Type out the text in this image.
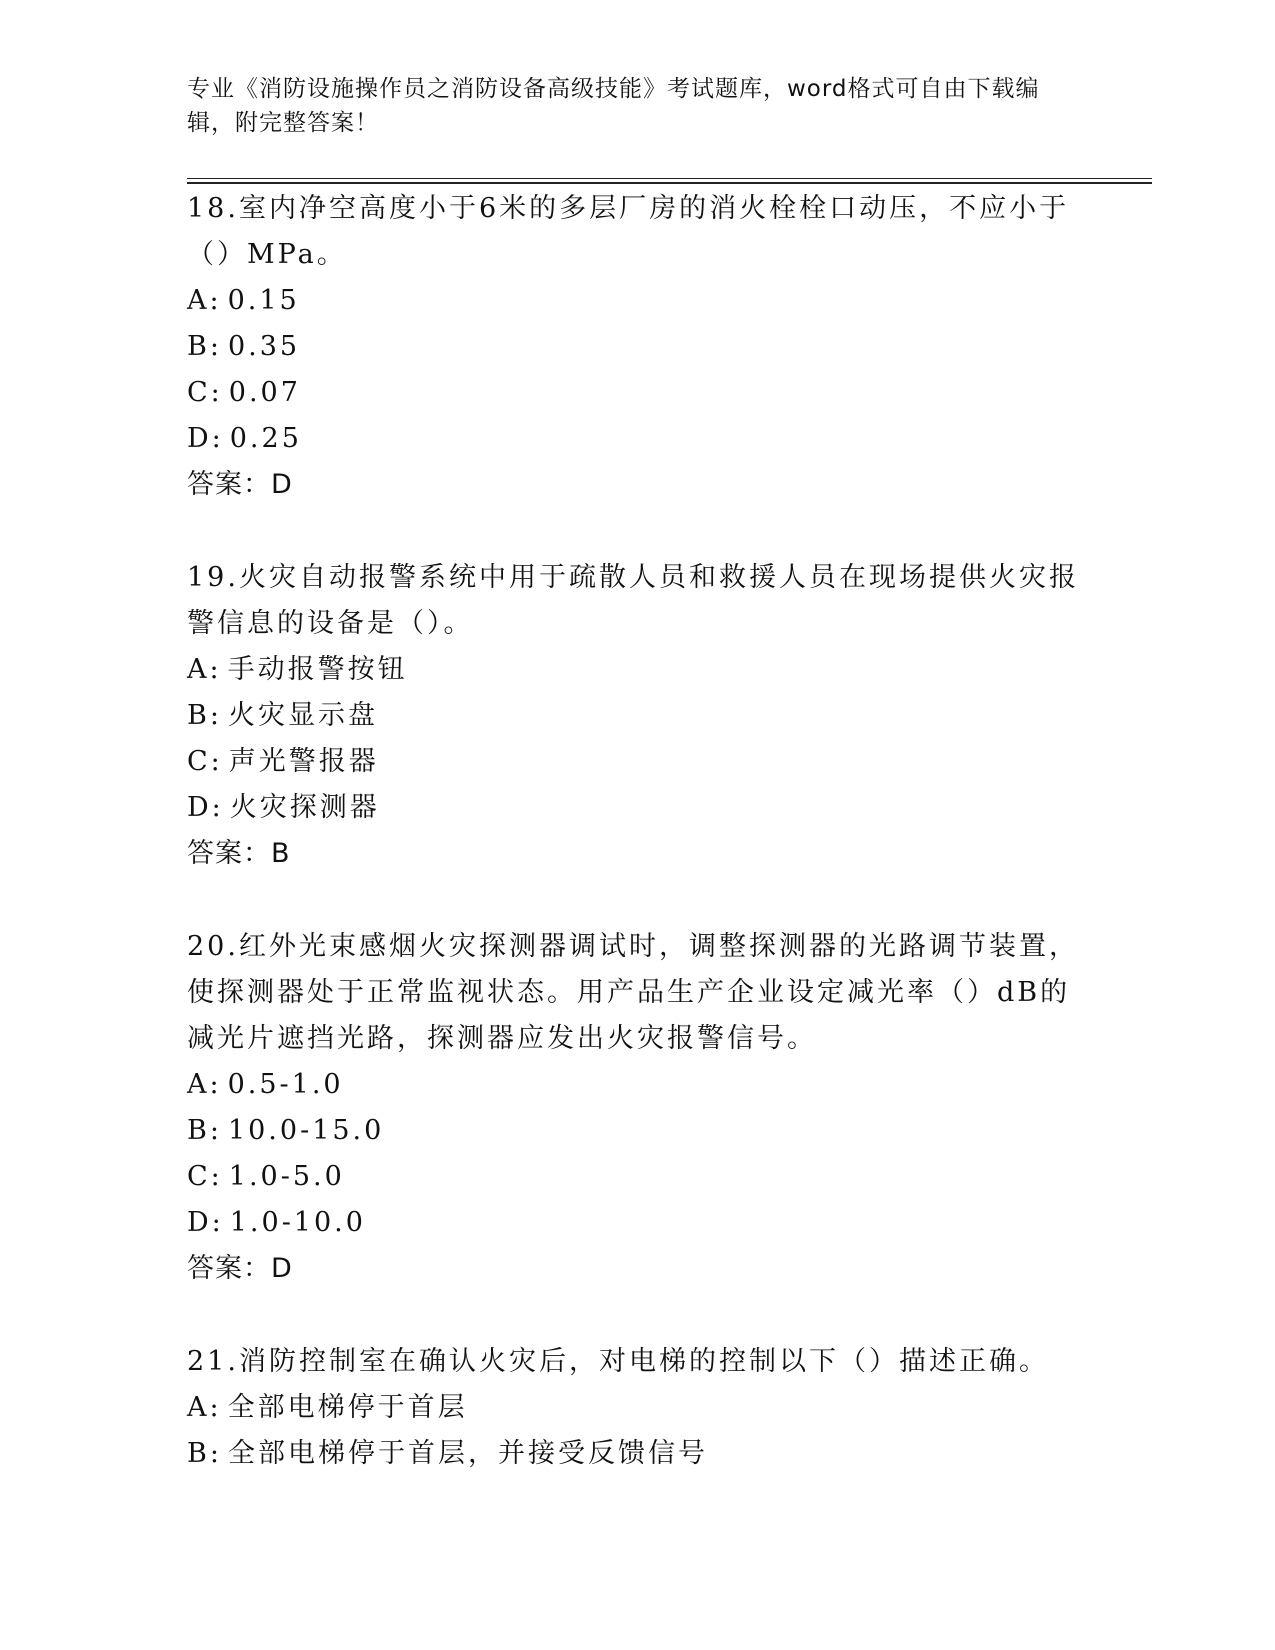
专业《消防设施操作员之消防设备高级技能》考试题库，word格式可自由下载编辑，附完整答案！

18.室内净空高度小于6米的多层厂房的消火栓栓口动压，不应小于（）MPa。

A: 0.15

B: 0.35

C: 0.07

D: 0.25

答案：D

19.火灾自动报警系统中用于疏散人员和救援人员在现场提供火灾报警信息的设备是（）。

A: 手动报警按钮

B: 火灾显示盘

C: 声光警报器

D: 火灾探测器

答案：B

20.红外光束感烟火灾探测器调试时，调整探测器的光路调节装置，使探测器处于正常监视状态。用产品生产企业设定减光率（）dB的减光片遮挡光路，探测器应发出火灾报警信号。

A: 0.5-1.0

B: 10.0-15.0

C: 1.0-5.0

D: 1.0-10.0

答案：D

21.消防控制室在确认火灾后，对电梯的控制以下（）描述正确。

A: 全部电梯停于首层

B: 全部电梯停于首层，并接受反馈信号
